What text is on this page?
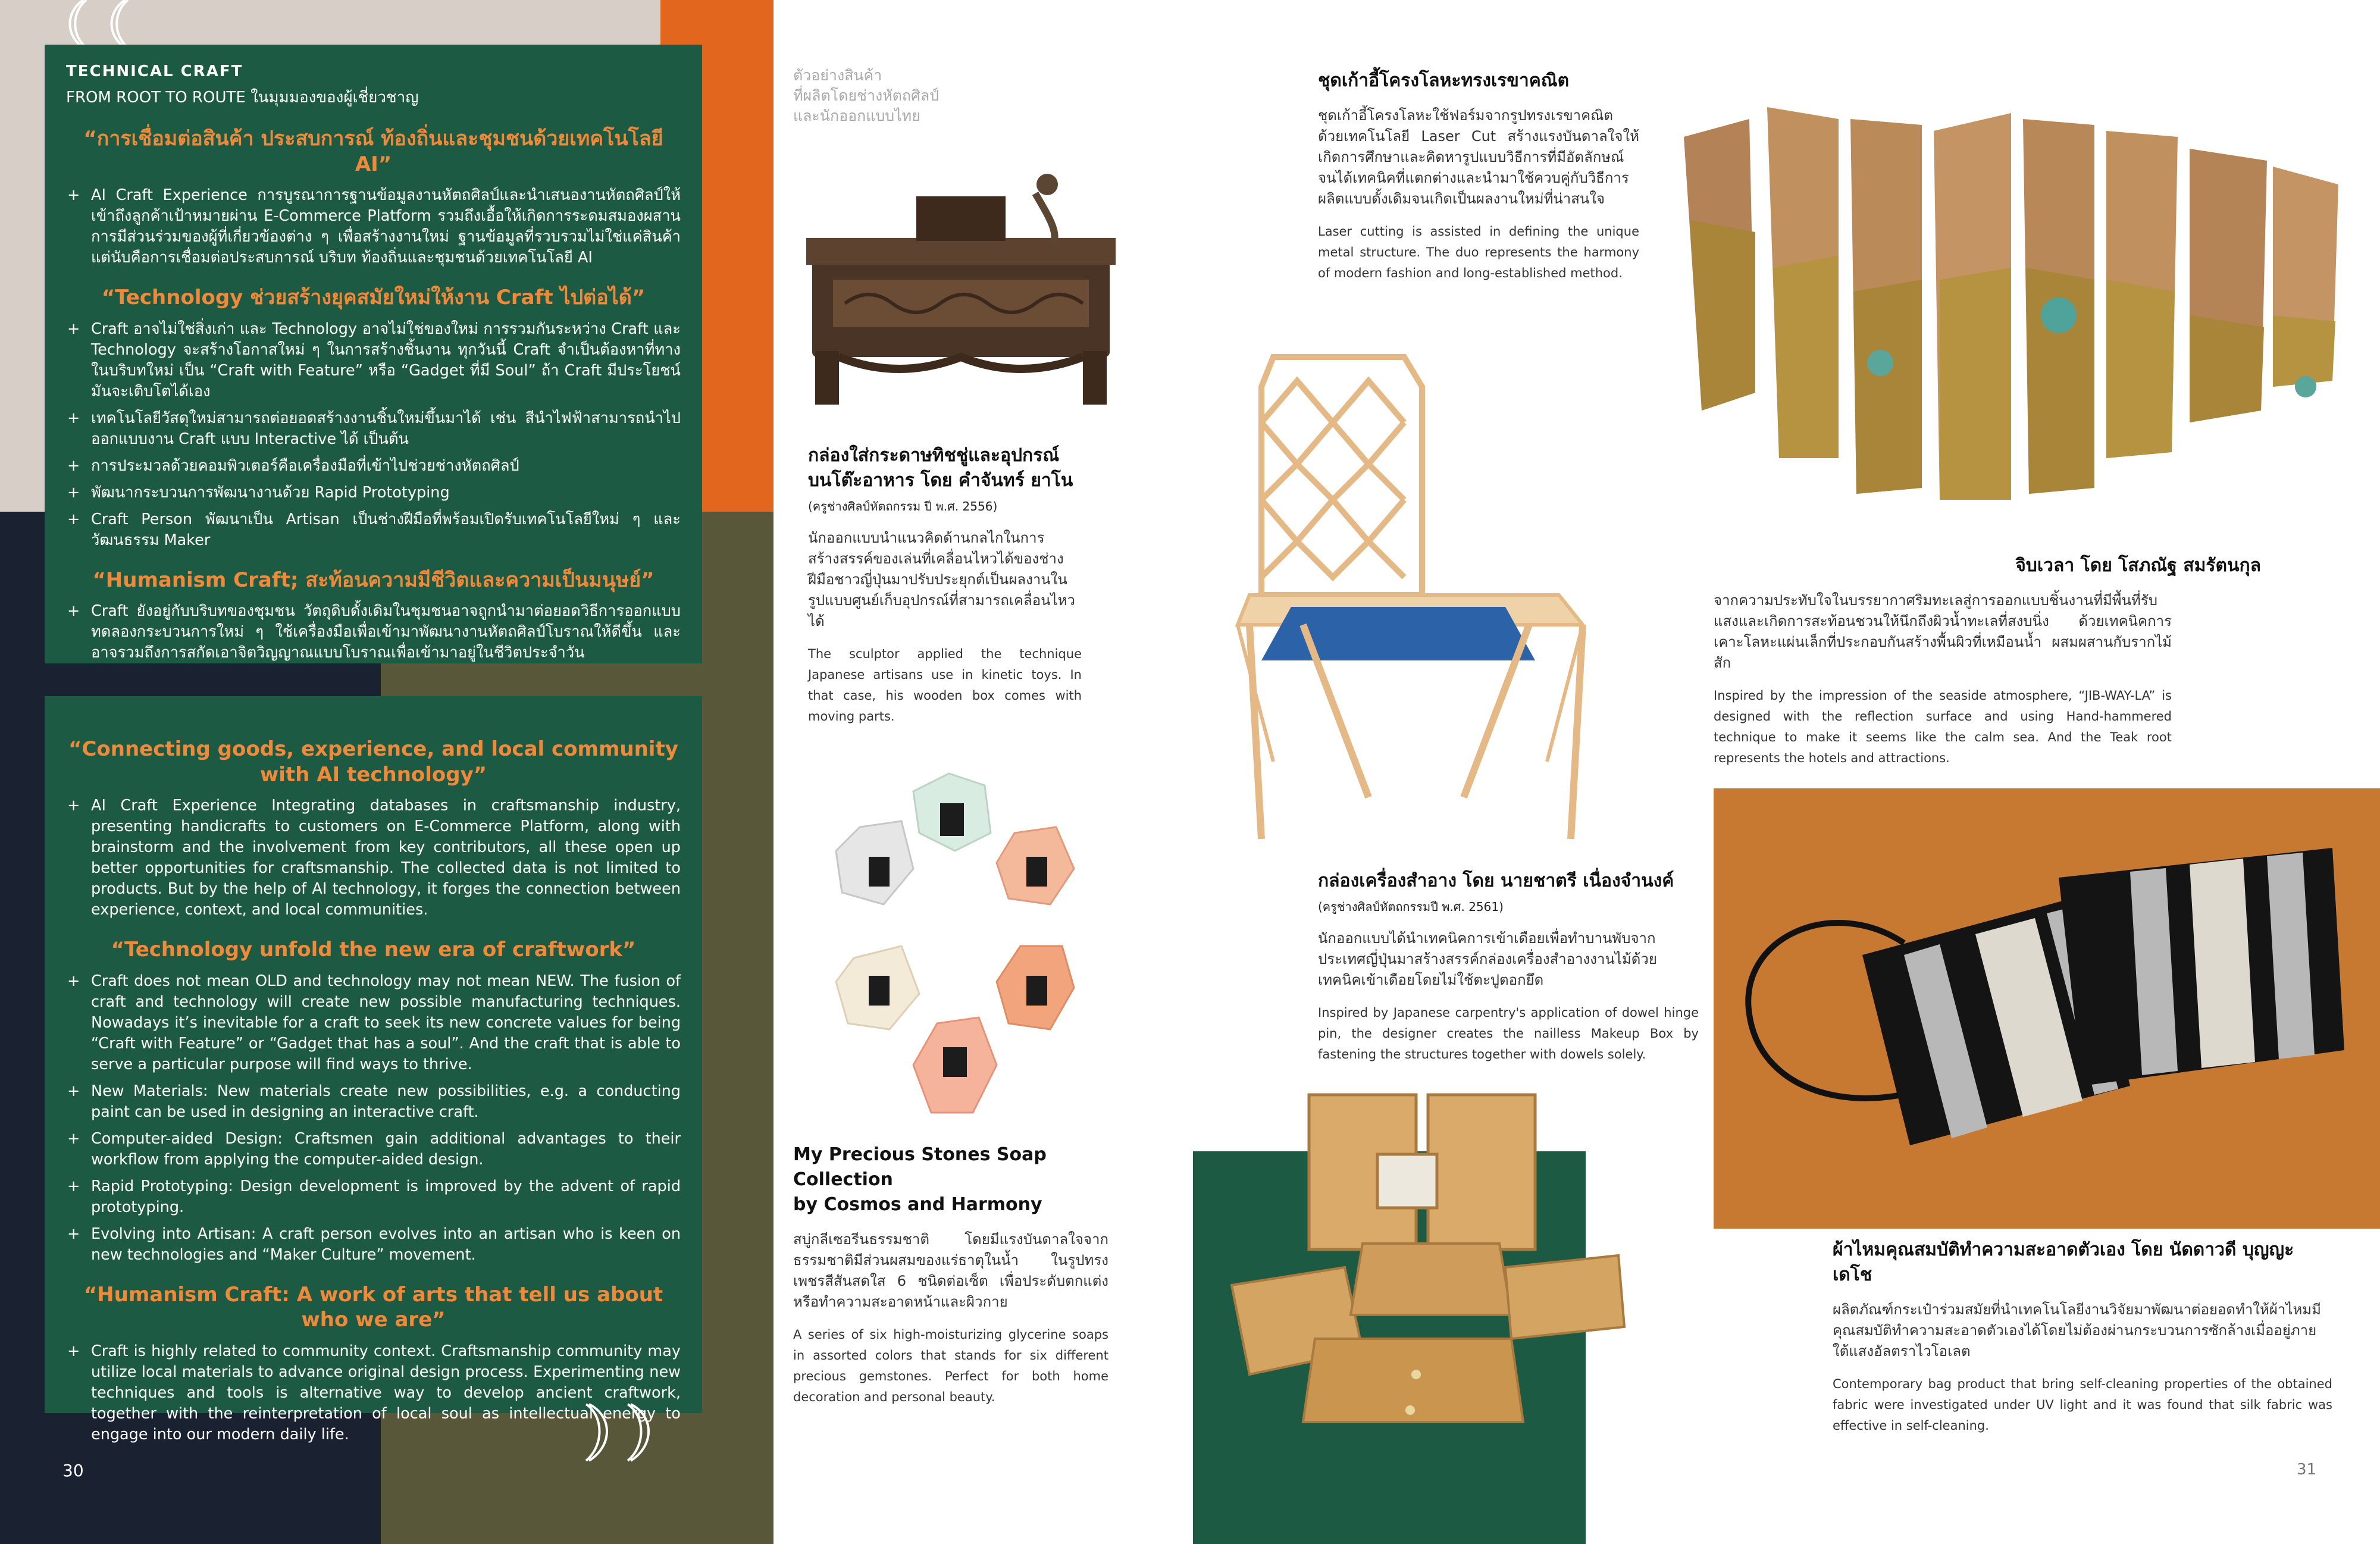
TECHNICAL CRAFT
FROM ROOT TO ROUTE ในมุมมองของผู้เชี่ยวชาญ
“การเชื่อมต่อสินค้า ประสบการณ์ ท้องถิ่นและชุมชนด้วยเทคโนโลยี AI”
+ AI Craft Experience การบูรณาการฐานข้อมูลงานหัตถศิลป์และนำเสนองานหัตถศิลป์ให้เข้าถึงลูกค้าเป้าหมายผ่าน E-Commerce Platform รวมถึงเอื้อให้เกิดการระดมสมองผสานการมีส่วนร่วมของผู้ที่เกี่ยวข้องต่าง ๆ เพื่อสร้างงานใหม่ ฐานข้อมูลที่รวบรวมไม่ใช่แค่สินค้า แต่นับคือการเชื่อมต่อประสบการณ์ บริบท ท้องถิ่นและชุมชนด้วยเทคโนโลยี AI
“Technology ช่วยสร้างยุคสมัยใหม่ให้งาน Craft ไปต่อได้”
+ Craft อาจไม่ใช่สิ่งเก่า และ Technology อาจไม่ใช่ของใหม่ การรวมกันระหว่าง Craft และ Technology จะสร้างโอกาสใหม่ ๆ ในการสร้างชิ้นงาน ทุกวันนี้ Craft จำเป็นต้องหาที่ทางในบริบทใหม่ เป็น “Craft with Feature” หรือ “Gadget ที่มี Soul” ถ้า Craft มีประโยชน์มันจะเติบโตได้เอง
+ เทคโนโลยีวัสดุใหม่สามารถต่อยอดสร้างงานชิ้นใหม่ขึ้นมาได้ เช่น สีนำไฟฟ้าสามารถนำไปออกแบบงาน Craft แบบ Interactive ได้ เป็นต้น
+ การประมวลด้วยคอมพิวเตอร์คือเครื่องมือที่เข้าไปช่วยช่างหัตถศิลป์
+ พัฒนากระบวนการพัฒนางานด้วย Rapid Prototyping
+ Craft Person พัฒนาเป็น Artisan เป็นช่างฝีมือที่พร้อมเปิดรับเทคโนโลยีใหม่ ๆ และวัฒนธรรม Maker
“Humanism Craft; สะท้อนความมีชีวิตและความเป็นมนุษย์”
+ Craft ยังอยู่กับบริบทของชุมชน วัตถุดิบดั้งเดิมในชุมชนอาจถูกนำมาต่อยอดวิธีการออกแบบ ทดลองกระบวนการใหม่ ๆ ใช้เครื่องมือเพื่อเข้ามาพัฒนางานหัตถศิลป์โบราณให้ดีขึ้น และอาจรวมถึงการสกัดเอาจิตวิญญาณแบบโบราณเพื่อเข้ามาอยู่ในชีวิตประจำวัน
“Connecting goods, experience, and local community with AI technology”
+ AI Craft Experience Integrating databases in craftsmanship industry, presenting handicrafts to customers on E-Commerce Platform, along with brainstorm and the involvement from key contributors, all these open up better opportunities for craftsmanship. The collected data is not limited to products. But by the help of AI technology, it forges the connection between experience, context, and local communities.
“Technology unfold the new era of craftwork”
+ Craft does not mean OLD and technology may not mean NEW. The fusion of craft and technology will create new possible manufacturing techniques. Nowadays it’s inevitable for a craft to seek its new concrete values for being “Craft with Feature” or “Gadget that has a soul”. And the craft that is able to serve a particular purpose will find ways to thrive.
+ New Materials: New materials create new possibilities, e.g. a conducting paint can be used in designing an interactive craft.
+ Computer-aided Design: Craftsmen gain additional advantages to their workflow from applying the computer-aided design.
+ Rapid Prototyping: Design development is improved by the advent of rapid prototyping.
+ Evolving into Artisan: A craft person evolves into an artisan who is keen on new technologies and “Maker Culture” movement.
“Humanism Craft: A work of arts that tell us about who we are”
+ Craft is highly related to community context. Craftsmanship community may utilize local materials to advance original design process. Experimenting new techniques and tools is alternative way to develop ancient craftwork, together with the reinterpretation of local soul as intellectual energy to engage into our modern daily life.
30
ตัวอย่างสินค้า
ที่ผลิตโดยช่างหัตถศิลป์
และนักออกแบบไทย
กล่องใส่กระดาษทิชชู่และอุปกรณ์
บนโต๊ะอาหาร โดย คำจันทร์ ยาโน
(ครูช่างศิลป์หัตถกรรม ปี พ.ศ. 2556)
นักออกแบบนำแนวคิดด้านกลไกในการสร้างสรรค์ของเล่นที่เคลื่อนไหวได้ของช่างฝีมือชาวญี่ปุ่นมาปรับประยุกต์เป็นผลงานในรูปแบบศูนย์เก็บอุปกรณ์ที่สามารถเคลื่อนไหวได้
The sculptor applied the technique Japanese artisans use in kinetic toys. In that case, his wooden box comes with moving parts.
My Precious Stones Soap Collection
by Cosmos and Harmony
สบู่กลีเซอรีนธรรมชาติ โดยมีแรงบันดาลใจจากธรรมชาติมีส่วนผสมของแร่ธาตุในน้ำ ในรูปทรงเพชรสีสันสดใส 6 ชนิดต่อเซ็ต เพื่อประดับตกแต่งหรือทำความสะอาดหน้าและผิวกาย
A series of six high-moisturizing glycerine soaps in assorted colors that stands for six different precious gemstones. Perfect for both home decoration and personal beauty.
ชุดเก้าอี้โครงโลหะทรงเรขาคณิต
ชุดเก้าอี้โครงโลหะใช้ฟอร์มจากรูปทรงเรขาคณิต ด้วยเทคโนโลยี Laser Cut สร้างแรงบันดาลใจให้เกิดการศึกษาและคิดหารูปแบบวิธีการที่มีอัตลักษณ์ จนได้เทคนิคที่แตกต่างและนำมาใช้ควบคู่กับวิธีการผลิตแบบดั้งเดิมจนเกิดเป็นผลงานใหม่ที่น่าสนใจ
Laser cutting is assisted in defining the unique metal structure. The duo represents the harmony of modern fashion and long-established method.
กล่องเครื่องสำอาง โดย นายชาตรี เนื่องจำนงค์
(ครูช่างศิลป์หัตถกรรมปี พ.ศ. 2561)
นักออกแบบได้นำเทคนิคการเข้าเดือยเพื่อทำบานพับจากประเทศญี่ปุ่นมาสร้างสรรค์กล่องเครื่องสำอางงานไม้ด้วยเทคนิคเข้าเดือยโดยไม่ใช้ตะปูตอกยึด
Inspired by Japanese carpentry's application of dowel hinge pin, the designer creates the nailless Makeup Box by fastening the structures together with dowels solely.
จิบเวลา โดย โสภณัฐ สมรัตนกุล
จากความประทับใจในบรรยากาศริมทะเลสู่การออกแบบชิ้นงานที่มีพื้นที่รับแสงและเกิดการสะท้อนชวนให้นึกถึงผิวน้ำทะเลที่สงบนิ่ง ด้วยเทคนิคการเคาะโลหะแผ่นเล็กที่ประกอบกันสร้างพื้นผิวที่เหมือนน้ำ ผสมผสานกับรากไม้สัก
Inspired by the impression of the seaside atmosphere, “JIB-WAY-LA” is designed with the reflection surface and using Hand-hammered technique to make it seems like the calm sea. And the Teak root represents the hotels and attractions.
ผ้าไหมคุณสมบัติทำความสะอาดตัวเอง โดย นัดดาวดี บุญญะเดโช
ผลิตภัณฑ์กระเป๋าร่วมสมัยที่นำเทคโนโลยีงานวิจัยมาพัฒนาต่อยอดทำให้ผ้าไหมมีคุณสมบัติทำความสะอาดตัวเองได้โดยไม่ต้องผ่านกระบวนการซักล้างเมื่ออยู่ภายใต้แสงอัลตราไวโอเลต
Contemporary bag product that bring self-cleaning properties of the obtained fabric were investigated under UV light and it was found that silk fabric was effective in self-cleaning.
31
